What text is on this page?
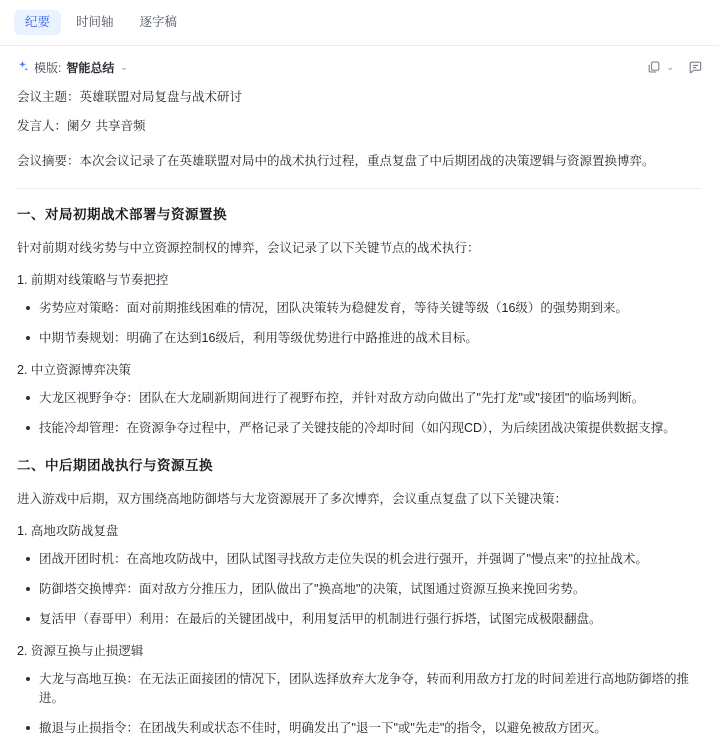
纪要	时间轴	逐字稿
模版: 智能总结 ⌄	⌄

会议主题：英雄联盟对局复盘与战术研讨

发言人：阑夕 共享音频

会议摘要：本次会议记录了在英雄联盟对局中的战术执行过程，重点复盘了中后期团战的决策逻辑与资源置换博弈。

一、对局初期战术部署与资源置换

针对前期对线劣势与中立资源控制权的博弈，会议记录了以下关键节点的战术执行：

1. 前期对线策略与节奏把控

劣势应对策略：面对前期推线困难的情况，团队决策转为稳健发育，等待关键等级（16级）的强势期到来。
中期节奏规划：明确了在达到16级后，利用等级优势进行中路推进的战术目标。

2. 中立资源博弈决策

大龙区视野争夺：团队在大龙刷新期间进行了视野布控，并针对敌方动向做出了"先打龙"或"接团"的临场判断。
技能冷却管理：在资源争夺过程中，严格记录了关键技能的冷却时间（如闪现CD），为后续团战决策提供数据支撑。
二、中后期团战执行与资源互换

进入游戏中后期，双方围绕高地防御塔与大龙资源展开了多次博弈，会议重点复盘了以下关键决策：

1. 高地攻防战复盘

团战开团时机：在高地攻防战中，团队试图寻找敌方走位失误的机会进行强开，并强调了"慢点来"的拉扯战术。
防御塔交换博弈：面对敌方分推压力，团队做出了"换高地"的决策，试图通过资源互换来挽回劣势。
复活甲（春哥甲）利用：在最后的关键团战中，利用复活甲的机制进行强行拆塔，试图完成极限翻盘。

2. 资源互换与止损逻辑

大龙与高地互换：在无法正面接团的情况下，团队选择放弃大龙争夺，转而利用敌方打龙的时间差进行高地防御塔的推进。
撤退与止损指令：在团战失利或状态不佳时，明确发出了"退一下"或"先走"的指令，以避免被敌方团灭。
